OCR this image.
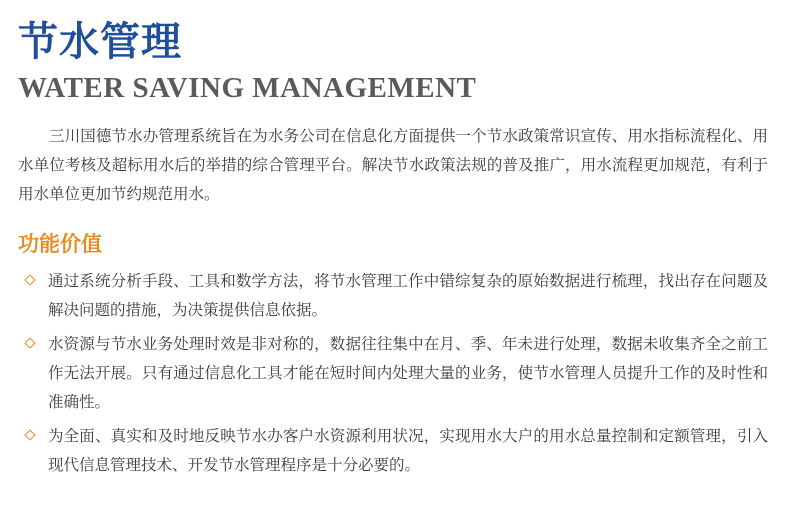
节水管理
WATER SAVING MANAGEMENT

三川国德节水办管理系统旨在为水务公司在信息化方面提供一个节水政策常识宣传、用水指标流程化、用水单位考核及超标用水后的举措的综合管理平台。解决节水政策法规的普及推广，用水流程更加规范，有利于用水单位更加节约规范用水。

功能价值
通过系统分析手段、工具和数学方法，将节水管理工作中错综复杂的原始数据进行梳理，找出存在问题及解决问题的措施，为决策提供信息依据。
水资源与节水业务处理时效是非对称的，数据往往集中在月、季、年未进行处理，数据未收集齐全之前工作无法开展。只有通过信息化工具才能在短时间内处理大量的业务，使节水管理人员提升工作的及时性和准确性。
为全面、真实和及时地反映节水办客户水资源利用状况，实现用水大户的用水总量控制和定额管理，引入现代信息管理技术、开发节水管理程序是十分必要的。
